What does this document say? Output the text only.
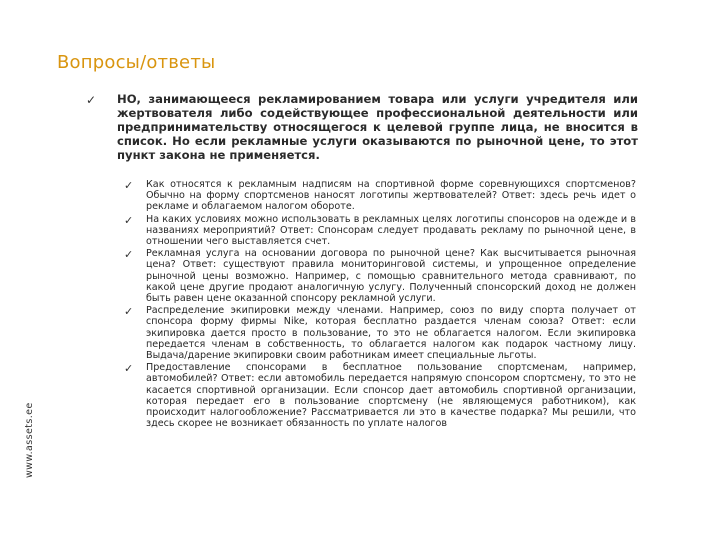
Вопросы/ответы
www.assets.ee
✓	НО, занимающееся рекламированием товара или услуги учредителя или жертвователя либо содействующее профессиональной деятельности или предпринимательству относящегося к целевой группе лица, не вносится в список. Но если рекламные услуги оказываются по рыночной цене, то этот пункт закона не применяется.
✓	Как относятся к рекламным надписям на спортивной форме соревнующихся спортсменов? Обычно на форму спортсменов наносят логотипы жертвователей? Ответ: здесь речь идет о рекламе и облагаемом налогом обороте.
✓	На каких условиях можно использовать в рекламных целях логотипы спонсоров на одежде и в названиях мероприятий? Ответ: Спонсорам следует продавать рекламу по рыночной цене, в отношении чего выставляется счет.
✓	Рекламная услуга на основании договора по рыночной цене? Как высчитывается рыночная цена? Ответ: существуют правила мониторинговой системы, и упрощенное определение рыночной цены возможно. Например, с помощью сравнительного метода сравнивают, по какой цене другие продают аналогичную услугу. Полученный спонсорский доход не должен быть равен цене оказанной спонсору рекламной услуги.
✓	Распределение экипировки между членами. Например, союз по виду спорта получает от спонсора форму фирмы Nike, которая бесплатно раздается членам союза? Ответ: если экипировка дается просто в пользование, то это не облагается налогом. Если экипировка передается членам в собственность, то облагается налогом как подарок частному лицу. Выдача/дарение экипировки своим работникам имеет специальные льготы.
✓	Предоставление спонсорами в бесплатное пользование спортсменам, например, автомобилей? Ответ: если автомобиль передается напрямую спонсором спортсмену, то это не касается спортивной организации. Если спонсор дает автомобиль спортивной организации, которая передает его в пользование спортсмену (не являющемуся работником), как происходит налогообложение? Рассматривается ли это в качестве подарка? Мы решили, что здесь скорее не возникает обязанность по уплате налогов
